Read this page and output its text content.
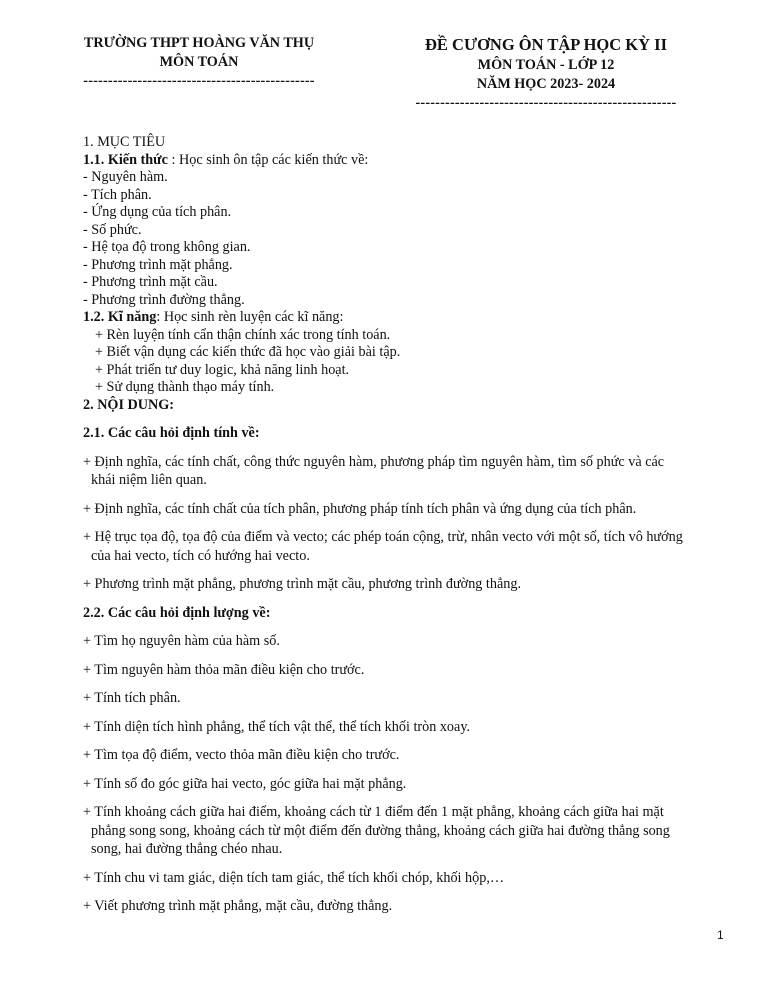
TRƯỜNG THPT HOÀNG VĂN THỤ
MÔN TOÁN
-----------------------------------------------
ĐỀ CƯƠNG ÔN TẬP HỌC KỲ II
MÔN TOÁN - LỚP 12
NĂM HỌC 2023- 2024
-----------------------------------------------------
1. MỤC TIÊU
1.1. Kiến thức : Học sinh ôn tập các kiến thức về:
- Nguyên hàm.
- Tích phân.
- Ứng dụng của tích phân.
- Số phức.
- Hệ tọa độ trong không gian.
- Phương trình mặt phẳng.
- Phương trình mặt cầu.
- Phương trình đường thẳng.
1.2. Kĩ năng: Học sinh rèn luyện các kĩ năng:
+ Rèn luyện tính cẩn thận chính xác trong tính toán.
+ Biết vận dụng các kiến thức đã học vào giải bài tập.
+ Phát triển tư duy logic, khả năng linh hoạt.
+ Sử dụng thành thạo máy tính.
2. NỘI DUNG:
2.1. Các câu hỏi định tính về:
+ Định nghĩa, các tính chất, công thức nguyên hàm, phương pháp tìm nguyên hàm, tìm số phức và các
khái niệm liên quan.
+ Định nghĩa, các tính chất của tích phân, phương pháp tính tích phân và ứng dụng của tích phân.
+ Hệ trục tọa độ, tọa độ của điểm và vecto; các phép toán cộng, trừ, nhân vecto với một số, tích vô hướng
của hai vecto, tích có hướng hai vecto.
+ Phương trình mặt phẳng, phương trình mặt cầu, phương trình đường thẳng.
2.2. Các câu hỏi định lượng về:
+ Tìm họ nguyên hàm của hàm số.
+ Tìm nguyên hàm thỏa mãn điều kiện cho trước.
+ Tính tích phân.
+ Tính diện tích hình phẳng, thể tích vật thể, thể tích khối tròn xoay.
+ Tìm tọa độ điểm, vecto thỏa mãn điều kiện cho trước.
+ Tính số đo góc giữa hai vecto, góc giữa hai mặt phẳng.
+ Tính khoảng cách giữa hai điểm, khoảng cách từ 1 điểm đến 1 mặt phẳng, khoảng cách giữa hai mặt
phẳng song song, khoảng cách từ một điểm đến đường thẳng, khoảng cách giữa hai đường thẳng song
song, hai đường thẳng chéo nhau.
+ Tính chu vi tam giác, diện tích tam giác, thể tích khối chóp, khối hộp,…
+ Viết phương trình mặt phẳng, mặt cầu, đường thẳng.
1
